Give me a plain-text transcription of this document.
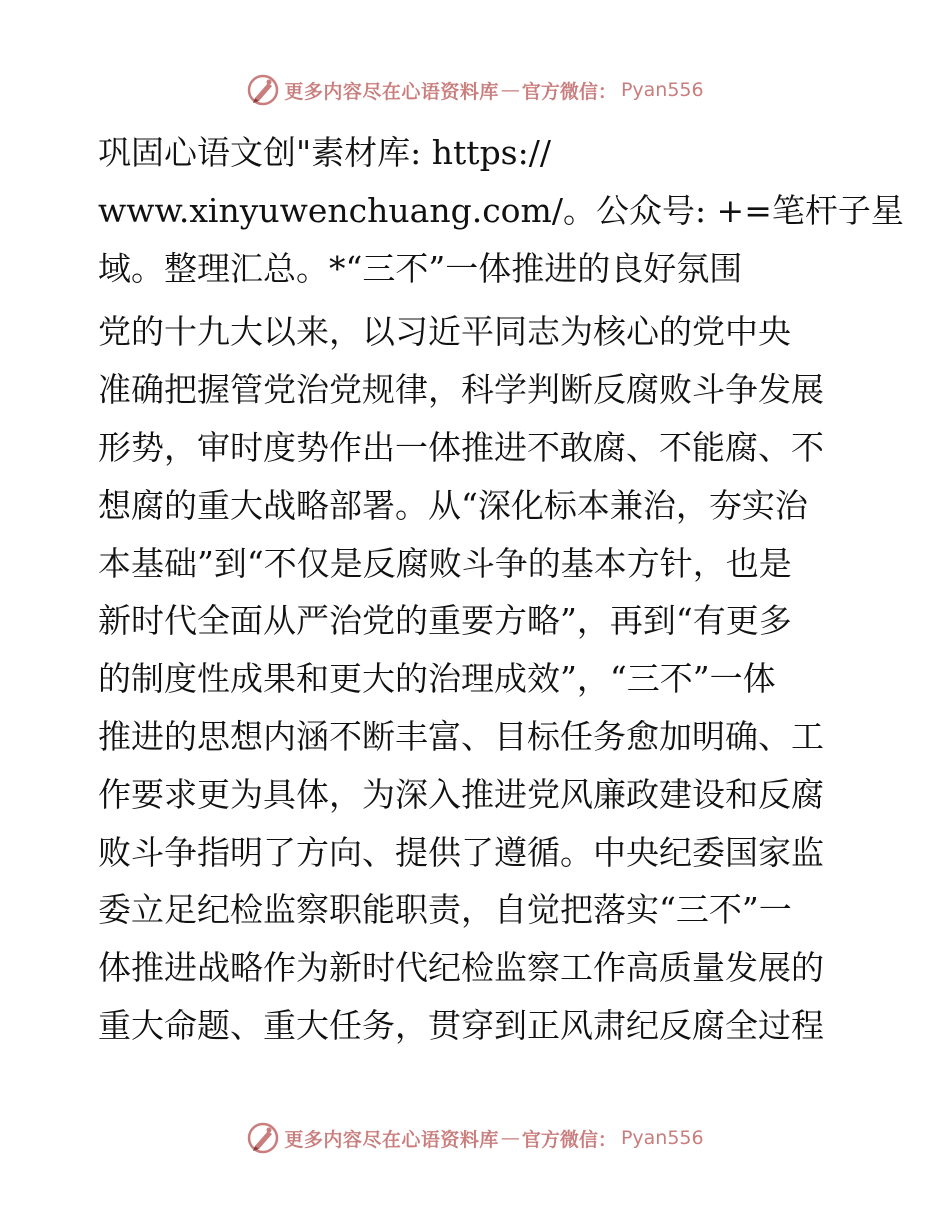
更多内容尽在心语资料库 — 官方微信： Pyan556
巩固心语文创"素材库: https://
www.xinyuwenchuang.com/。公众号: +=笔杆子星
域。整理汇总。*“三不”一体推进的良好氛围
党的十九大以来，以习近平同志为核心的党中央
准确把握管党治党规律，科学判断反腐败斗争发展
形势，审时度势作出一体推进不敢腐、不能腐、不
想腐的重大战略部署。从“深化标本兼治，夯实治
本基础”到“不仅是反腐败斗争的基本方针，也是
新时代全面从严治党的重要方略”，再到“有更多
的制度性成果和更大的治理成效”，“三不”一体
推进的思想内涵不断丰富、目标任务愈加明确、工
作要求更为具体，为深入推进党风廉政建设和反腐
败斗争指明了方向、提供了遵循。中央纪委国家监
委立足纪检监察职能职责，自觉把落实“三不”一
体推进战略作为新时代纪检监察工作高质量发展的
重大命题、重大任务，贯穿到正风肃纪反腐全过程
更多内容尽在心语资料库 — 官方微信： Pyan556
